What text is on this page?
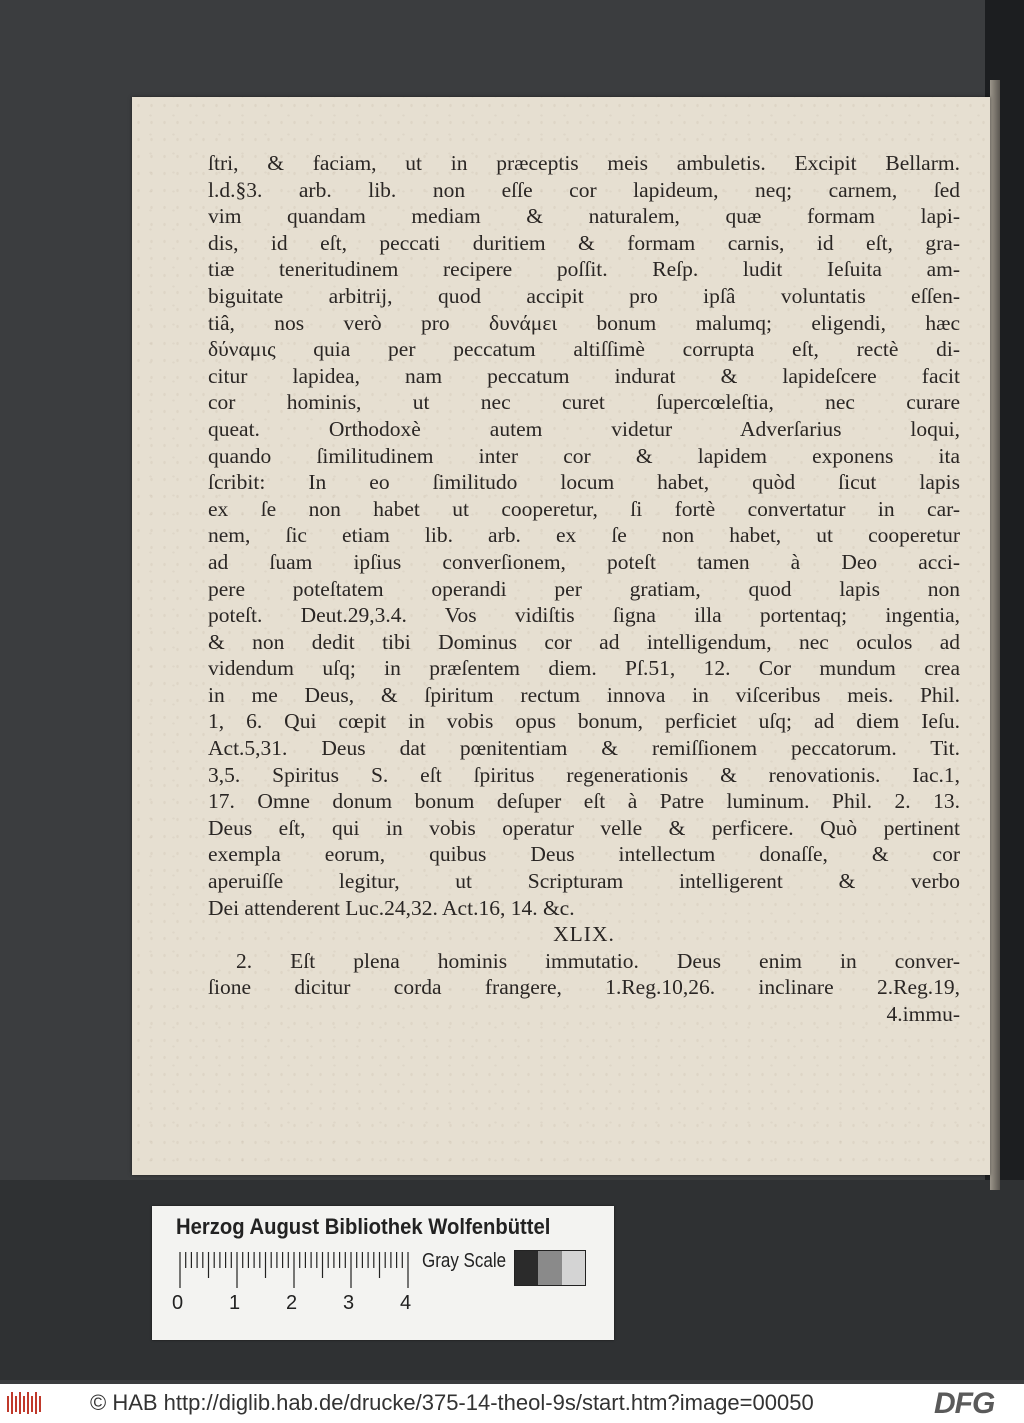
ſtri, & faciam, ut in præceptis meis ambuletis. Excipit Bellarm.
l.d.§3. arb. lib. non eſſe cor lapideum, neq; carnem, ſed
vim quandam mediam & naturalem, quæ formam lapi-
dis, id eſt, peccati duritiem & formam carnis, id eſt, gra-
tiæ teneritudinem recipere poſſit. Reſp. ludit Ieſuita am-
biguitate arbitrij, quod accipit pro ipſâ voluntatis eſſen-
tiâ, nos verò pro δυνάμει bonum malumq; eligendi, hæc
δύναμις quia per peccatum altiſſimè corrupta eſt, rectè di-
citur lapidea, nam peccatum indurat & lapideſcere facit
cor hominis, ut nec curet ſupercœleſtia, nec curare
queat. Orthodoxè autem videtur Adverſarius loqui,
quando ſimilitudinem inter cor & lapidem exponens ita
ſcribit: In eo ſimilitudo locum habet, quòd ſicut lapis
ex ſe non habet ut cooperetur, ſi fortè convertatur in car-
nem, ſic etiam lib. arb. ex ſe non habet, ut cooperetur
ad ſuam ipſius converſionem, poteſt tamen à Deo acci-
pere poteſtatem operandi per gratiam, quod lapis non
poteſt. Deut.29,3.4. Vos vidiſtis ſigna illa portentaq; ingentia,
& non dedit tibi Dominus cor ad intelligendum, nec oculos ad
videndum uſq; in præſentem diem. Pſ.51, 12. Cor mundum crea
in me Deus, & ſpiritum rectum innova in viſceribus meis. Phil.
1, 6. Qui cœpit in vobis opus bonum, perficiet uſq; ad diem Ieſu.
Act.5,31. Deus dat pœnitentiam & remiſſionem peccatorum. Tit.
3,5. Spiritus S. eſt ſpiritus regenerationis & renovationis. Iac.1,
17. Omne donum bonum deſuper eſt à Patre luminum. Phil. 2. 13.
Deus eſt, qui in vobis operatur velle & perficere. Quò pertinent
exempla eorum, quibus Deus intellectum donaſſe, & cor
aperuiſſe legitur, ut Scripturam intelligerent & verbo
Dei attenderent Luc.24,32. Act.16, 14. &c.
XLIX.
2. Eſt plena hominis immutatio. Deus enim in conver-
ſione dicitur corda frangere, 1.Reg.10,26. inclinare 2.Reg.19,
4.immu-
Herzog August Bibliothek Wolfenbüttel
0 1 2 3 4
Gray Scale
© HAB http://diglib.hab.de/drucke/375-14-theol-9s/start.htm?image=00050	DFG
